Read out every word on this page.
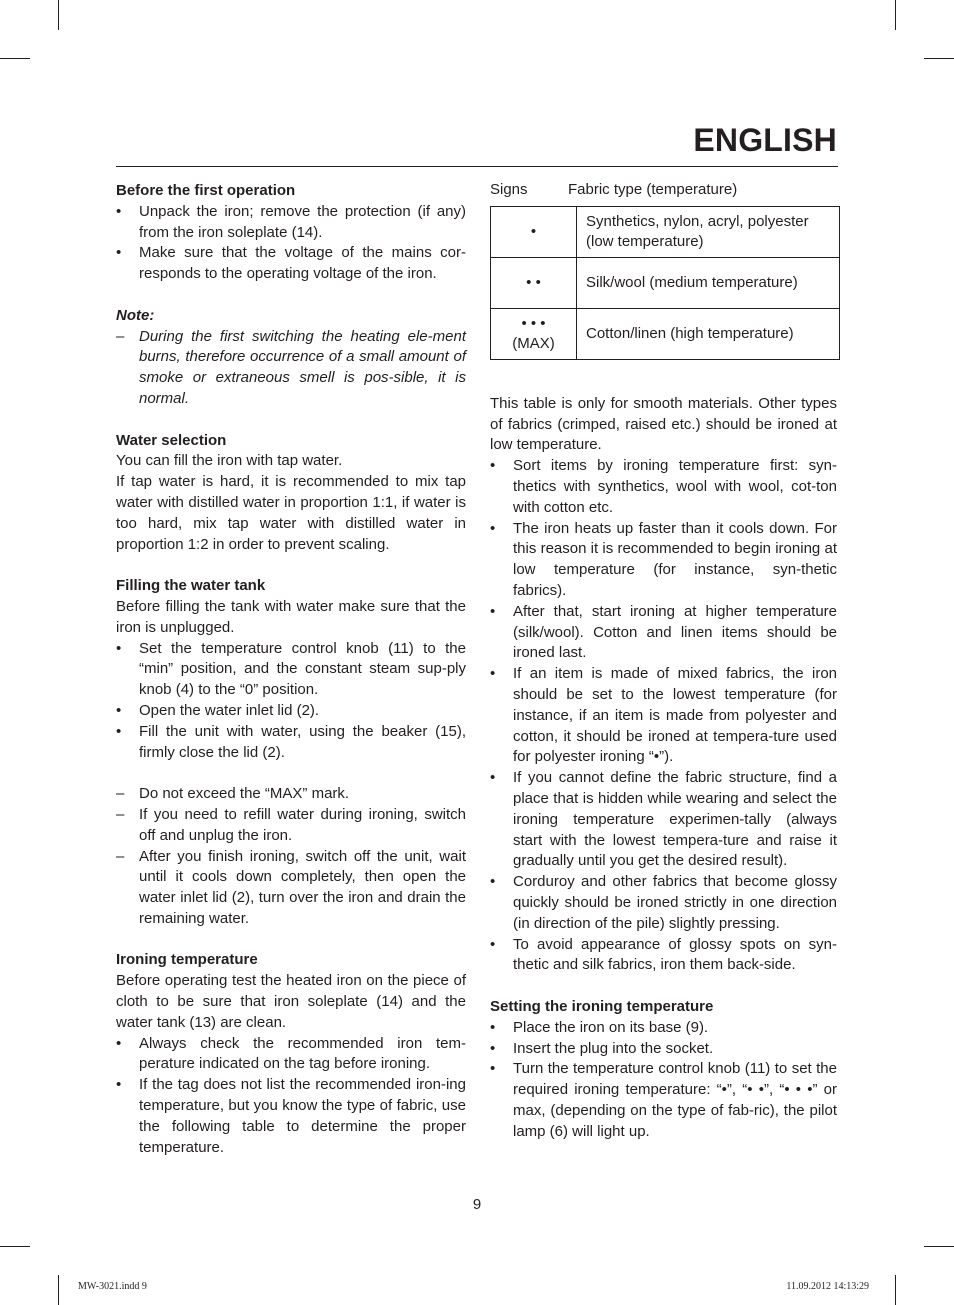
ENGLISH

Before the first operation

• Unpack the iron; remove the protection (if any) from the iron soleplate (14).
• Make sure that the voltage of the mains cor-responds to the operating voltage of the iron.

Note:

– During the first switching the heating ele-ment burns, therefore occurrence of a small amount of smoke or extraneous smell is pos-sible, it is normal.

Water selection

You can fill the iron with tap water.

If tap water is hard, it is recommended to mix tap water with distilled water in proportion 1:1, if water is too hard, mix tap water with distilled water in proportion 1:2 in order to prevent scaling.

Filling the water tank

Before filling the tank with water make sure that the iron is unplugged.

• Set the temperature control knob (11) to the “min” position, and the constant steam sup-ply knob (4) to the “0” position.
• Open the water inlet lid (2).
• Fill the unit with water, using the beaker (15), firmly close the lid (2).
– Do not exceed the “MAX” mark.
– If you need to refill water during ironing, switch off and unplug the iron.
– After you finish ironing, switch off the unit, wait until it cools down completely, then open the water inlet lid (2), turn over the iron and drain the remaining water.

Ironing temperature

Before operating test the heated iron on the piece of cloth to be sure that iron soleplate (14) and the water tank (13) are clean.

• Always check the recommended iron tem-perature indicated on the tag before ironing.
• If the tag does not list the recommended iron-ing temperature, but you know the type of fabric, use the following table to determine the proper temperature.
Signs	Fabric type (temperature)
•	Synthetics, nylon, acryl, polyester (low temperature)
• •	Silk/wool (medium temperature)

• • •
(MAX)	Cotton/linen (high temperature)

This table is only for smooth materials. Other types of fabrics (crimped, raised etc.) should be ironed at low temperature.

• Sort items by ironing temperature first: syn-thetics with synthetics, wool with wool, cot-ton with cotton etc.
• The iron heats up faster than it cools down. For this reason it is recommended to begin ironing at low temperature (for instance, syn-thetic fabrics).
• After that, start ironing at higher temperature (silk/wool). Cotton and linen items should be ironed last.
• If an item is made of mixed fabrics, the iron should be set to the lowest temperature (for instance, if an item is made from polyester and cotton, it should be ironed at tempera-ture used for polyester ironing “•”).
• If you cannot define the fabric structure, find a place that is hidden while wearing and select the ironing temperature experimen-tally (always start with the lowest tempera-ture and raise it gradually until you get the desired result).
• Corduroy and other fabrics that become glossy quickly should be ironed strictly in one direction (in direction of the pile) slightly pressing.
• To avoid appearance of glossy spots on syn-thetic and silk fabrics, iron them back-side.

Setting the ironing temperature

• Place the iron on its base (9).
• Insert the plug into the socket.
• Turn the temperature control knob (11) to set the required ironing temperature: “•”, “• •”, “• • •” or max, (depending on the type of fab-ric), the pilot lamp (6) will light up.
9
MW-3021.indd 9	11.09.2012 14:13:29
